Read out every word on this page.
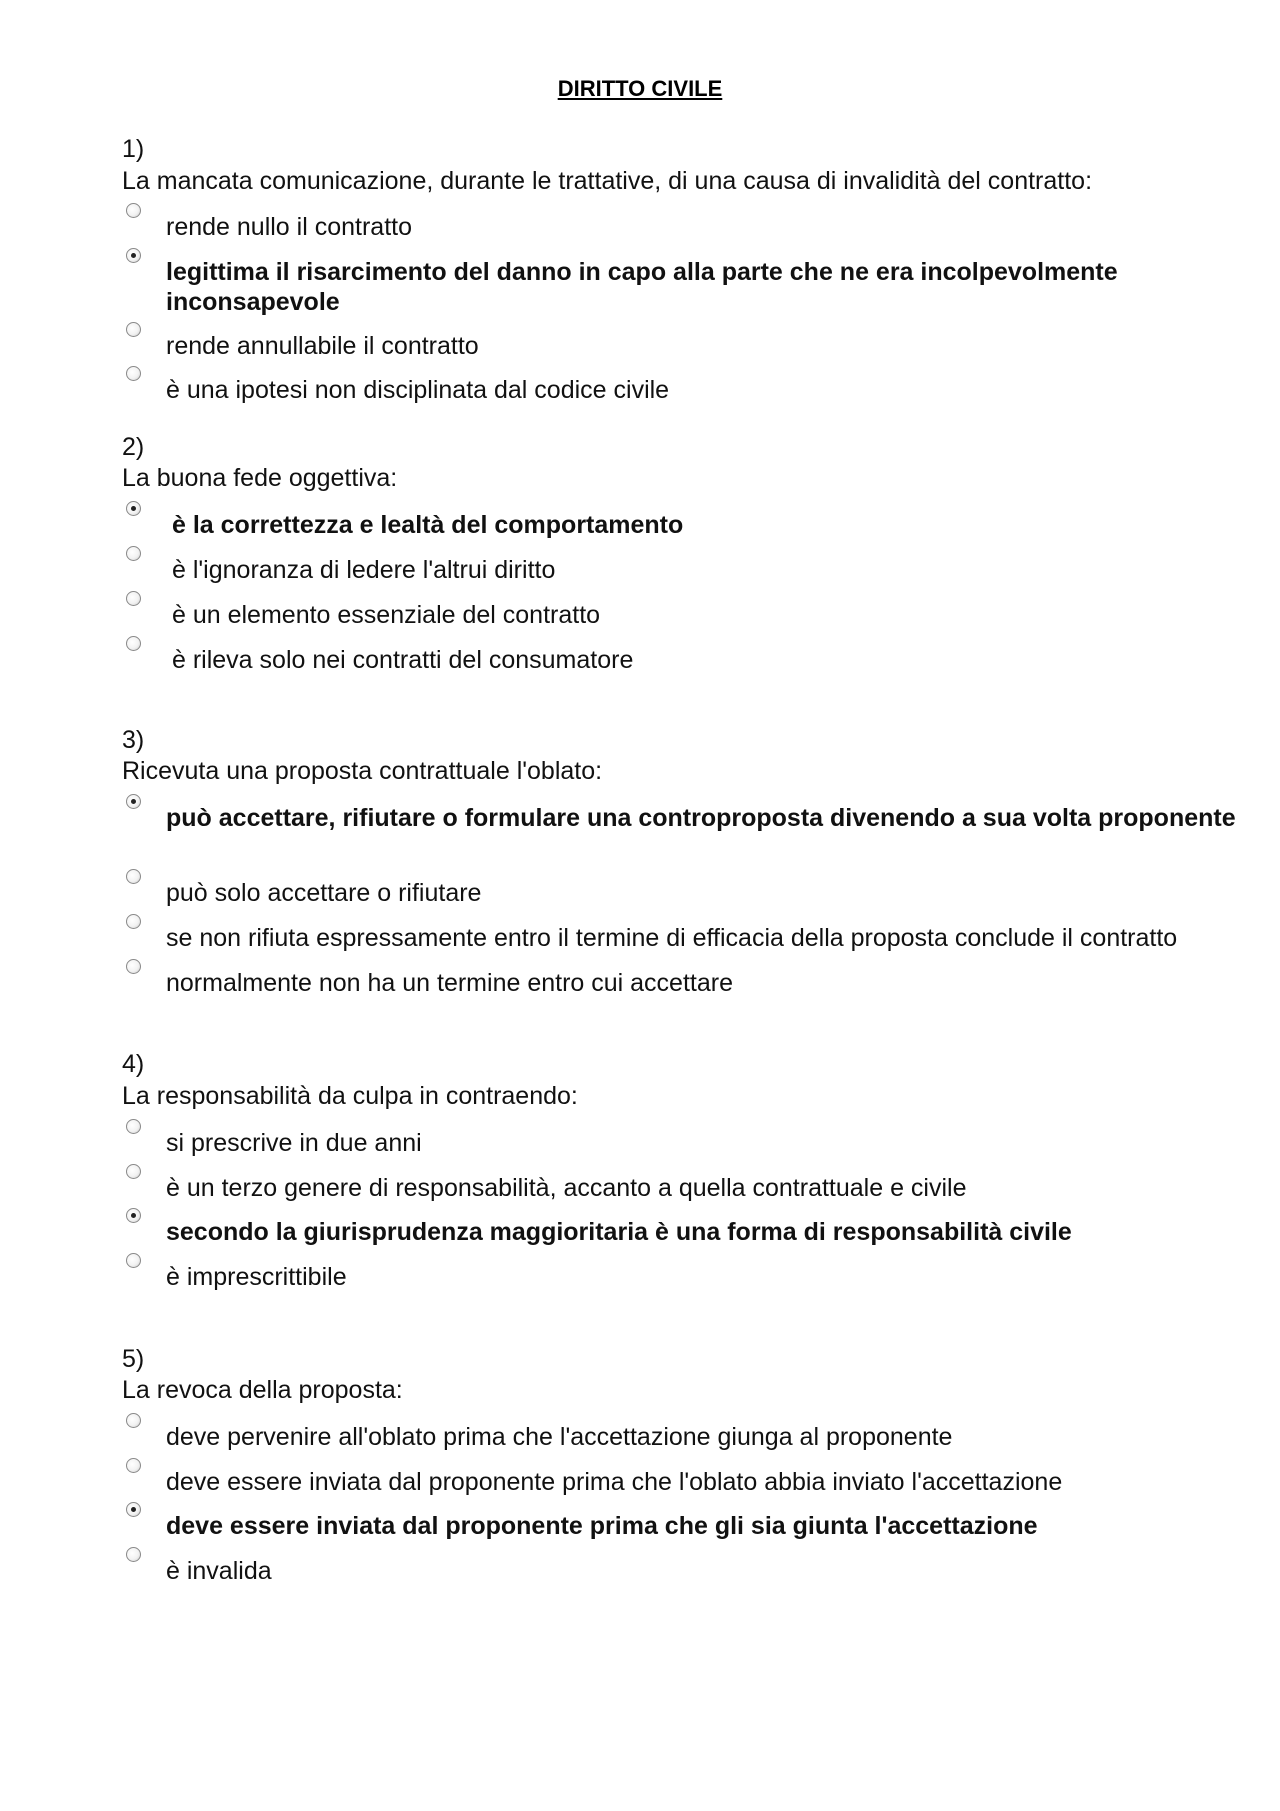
DIRITTO CIVILE
1)
La mancata comunicazione, durante le trattative, di una causa di invalidità del contratto:
rende nullo il contratto
legittima il risarcimento del danno in capo alla parte che ne era incolpevolmente inconsapevole
rende annullabile il contratto
è una ipotesi non disciplinata dal codice civile
2)
La buona fede oggettiva:
è la correttezza e lealtà del comportamento
è l'ignoranza di ledere l'altrui diritto
è un elemento essenziale del contratto
è rileva solo nei contratti del consumatore
3)
Ricevuta una proposta contrattuale l'oblato:
può accettare, rifiutare o formulare una controproposta divenendo a sua volta proponente
può solo accettare o rifiutare
se non rifiuta espressamente entro il termine di efficacia della proposta conclude il contratto
normalmente non ha un termine entro cui accettare
4)
La responsabilità da culpa in contraendo:
si prescrive in due anni
è un terzo genere di responsabilità, accanto a quella contrattuale e civile
secondo la giurisprudenza maggioritaria è una forma di responsabilità civile
è imprescrittibile
5)
La revoca della proposta:
deve pervenire all'oblato prima che l'accettazione giunga al proponente
deve essere inviata dal proponente prima che l'oblato abbia inviato l'accettazione
deve essere inviata dal proponente prima che gli sia giunta l'accettazione
è invalida
